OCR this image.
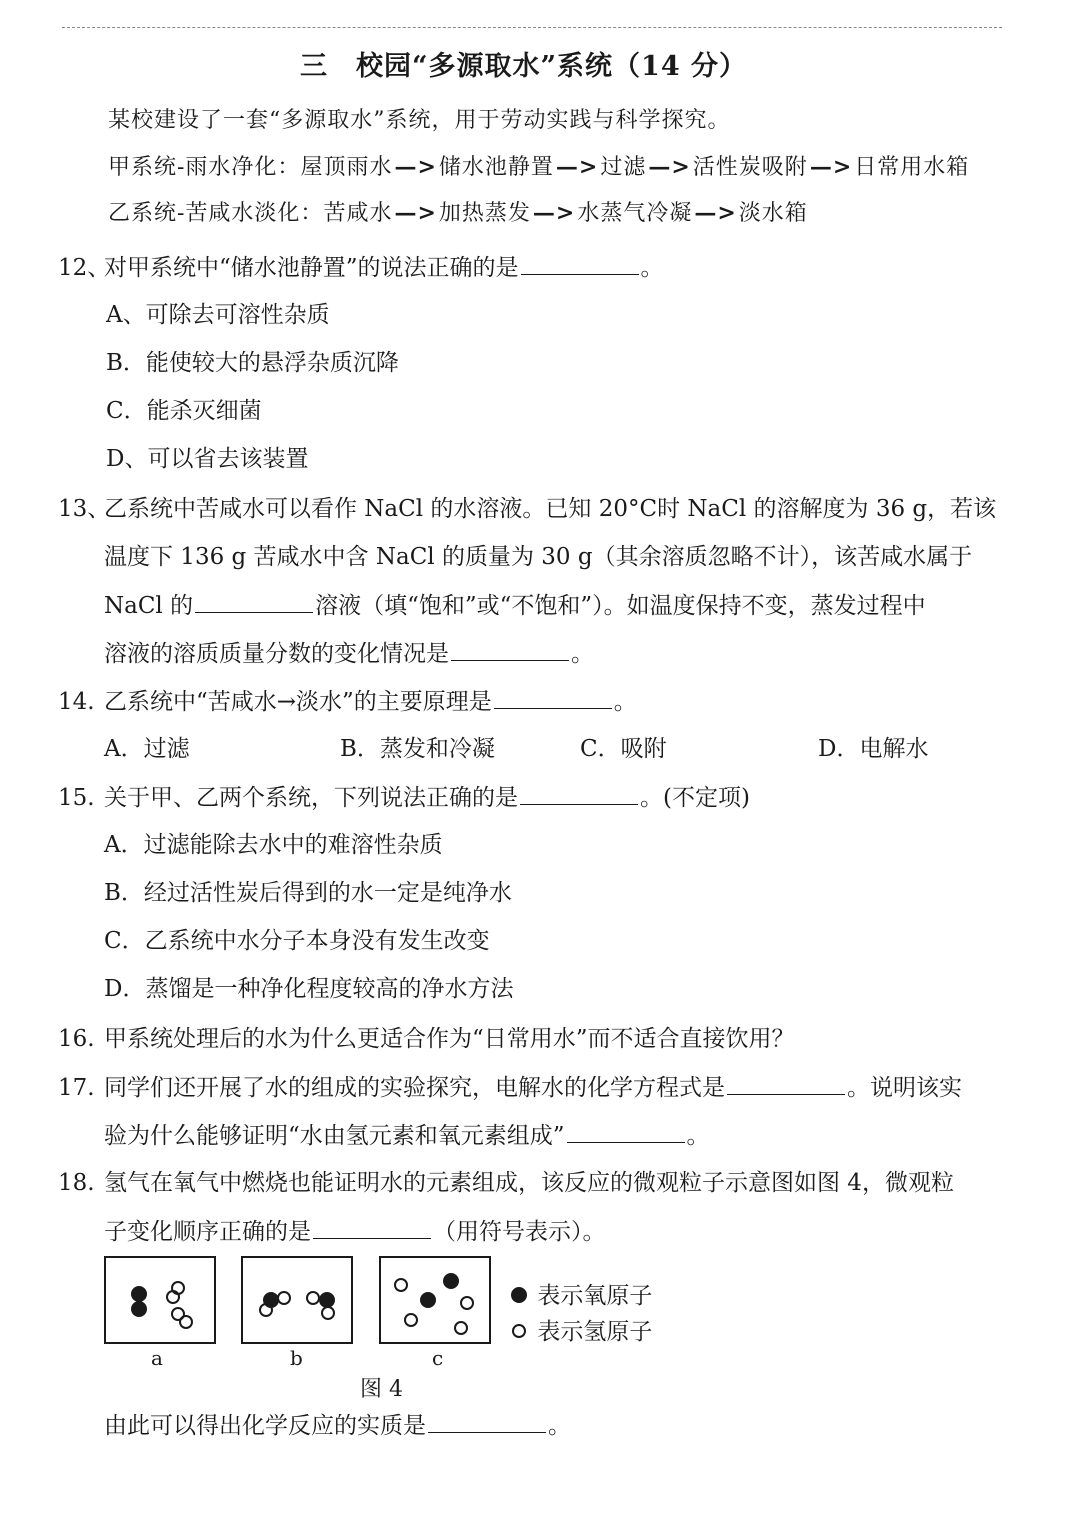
三　校园“多源取水”系统（14 分）
某校建设了一套“多源取水”系统，用于劳动实践与科学探究。
甲系统-雨水净化：屋顶雨水—>储水池静置—>过滤—>活性炭吸附—>日常用水箱
乙系统-苦咸水淡化：苦咸水—>加热蒸发—>水蒸气冷凝—>淡水箱
12、对甲系统中“储水池静置”的说法正确的是	。
A、可除去可溶性杂质
B．能使较大的悬浮杂质沉降
C．能杀灭细菌
D、可以省去该装置
13、乙系统中苦咸水可以看作 NaCl 的水溶液。已知 20°C时 NaCl 的溶解度为 36 g，若该
温度下 136 g 苦咸水中含 NaCl 的质量为 30 g（其余溶质忽略不计），该苦咸水属于
NaCl 的	溶液（填“饱和”或“不饱和”）。如温度保持不变，蒸发过程中
溶液的溶质质量分数的变化情况是	。
14. 乙系统中“苦咸水→淡水”的主要原理是	。
A．过滤	B．蒸发和冷凝	C．吸附	D．电解水
15. 关于甲、乙两个系统，下列说法正确的是	。(不定项)
A．过滤能除去水中的难溶性杂质
B．经过活性炭后得到的水一定是纯净水
C．乙系统中水分子本身没有发生改变
D．蒸馏是一种净化程度较高的净水方法
16. 甲系统处理后的水为什么更适合作为“日常用水”而不适合直接饮用？
17. 同学们还开展了水的组成的实验探究，电解水的化学方程式是	。说明该实
验为什么能够证明“水由氢元素和氧元素组成”	。
18. 氢气在氧气中燃烧也能证明水的元素组成，该反应的微观粒子示意图如图 4，微观粒
子变化顺序正确的是	（用符号表示）。
a	b	c
图 4
表示氧原子
表示氢原子
由此可以得出化学反应的实质是	。
